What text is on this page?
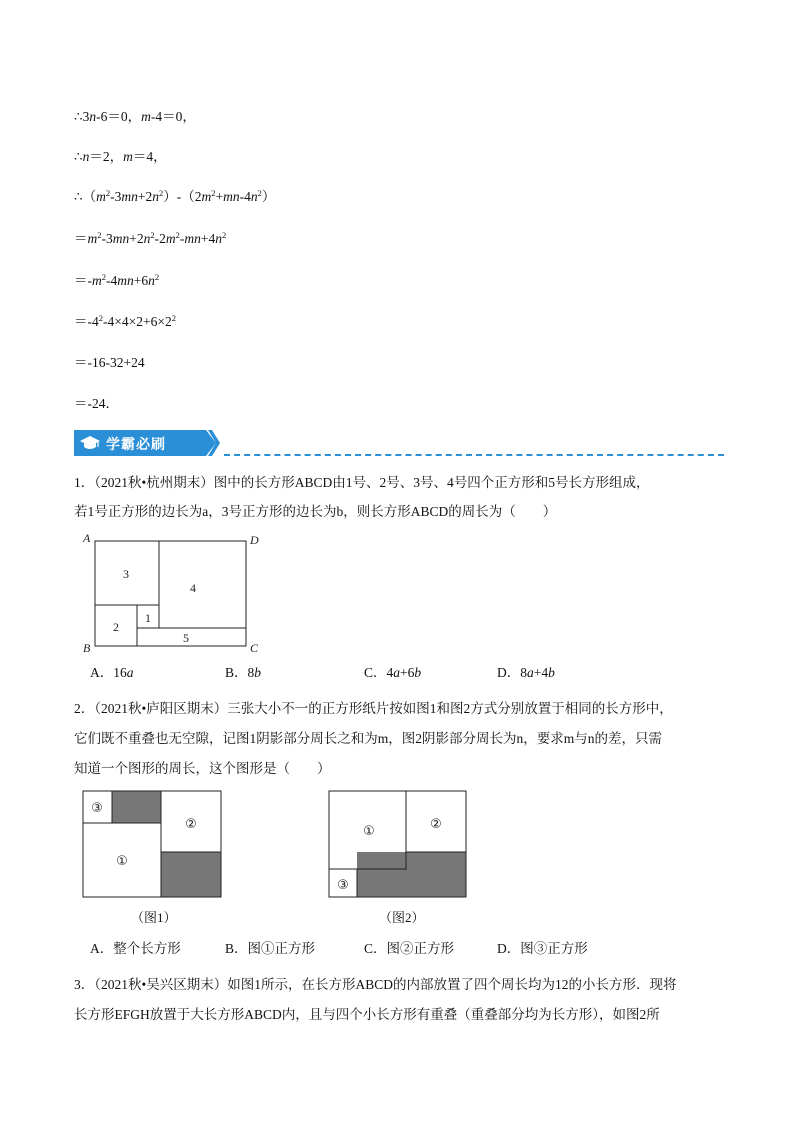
∴3n-6＝0，m-4＝0，
∴n＝2，m＝4，
$\therefore(m^2-3mn+2n^2)-(2m^2+mn-4n^2)$
$=m^2-3mn+2n^2-2m^2-mn+4n^2$
$=-m^2-4mn+6n^2$
$=-4^2-4\times 4\times 2+6\times 2^2$
＝-16-32+24
＝-24．
学霸必刷
1．（2021秋•杭州期末）图中的长方形ABCD由1号、2号、3号、4号四个正方形和5号长方形组成，
若1号正方形的边长为a，3号正方形的边长为b，则长方形ABCD的周长为（　　）
A	D
B	C
3
4
2
1
5
A．16a	B．8b	C．4a+6b	D．8a+4b
2．（2021秋•庐阳区期末）三张大小不一的正方形纸片按如图1和图2方式分别放置于相同的长方形中，
它们既不重叠也无空隙，记图1阴影部分周长之和为m，图2阴影部分周长为n，要求m与n的差，只需
知道一个图形的周长，这个图形是（　　）
③
②
①
（图1）
①	②
③
（图2）
A．整个长方形	B．图①正方形	C．图②正方形	D．图③正方形
3．（2021秋•吴兴区期末）如图1所示，在长方形ABCD的内部放置了四个周长均为12的小长方形．现将
长方形EFGH放置于大长方形ABCD内，且与四个小长方形有重叠（重叠部分均为长方形），如图2所
